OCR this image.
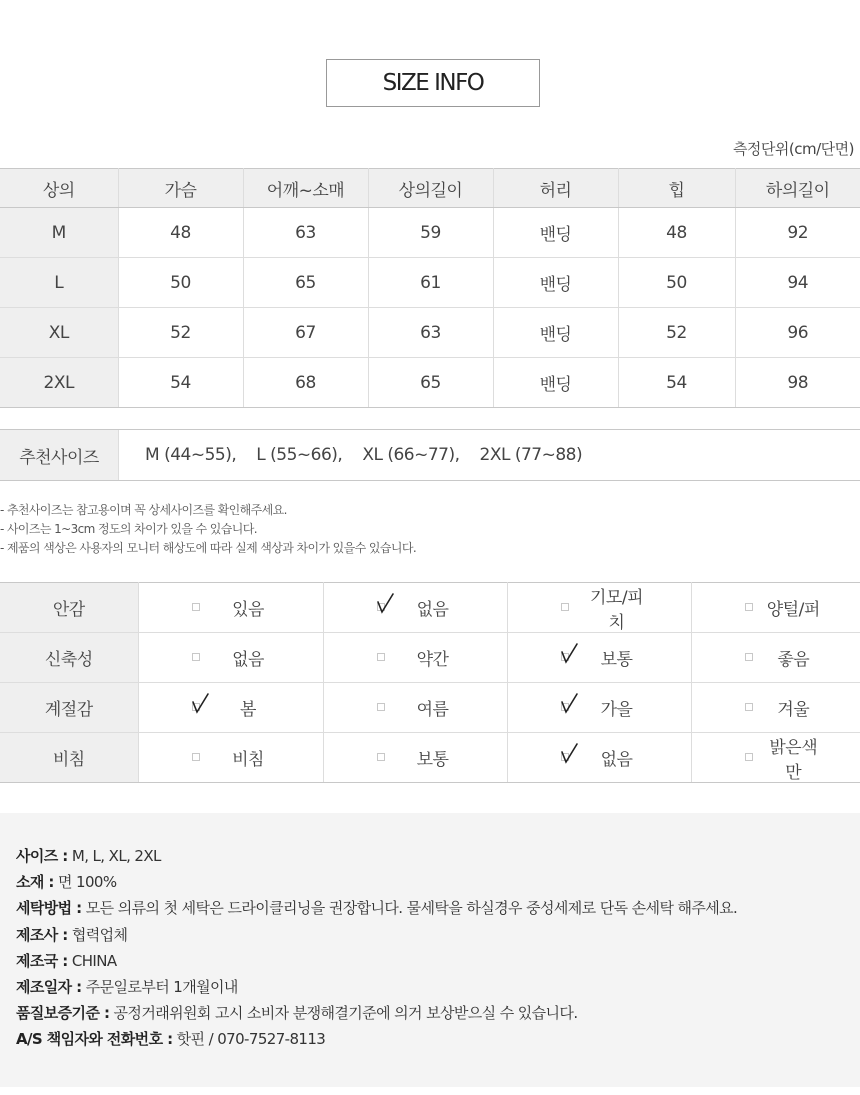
SIZE INFO
측정단위(cm/단면)
상의	가슴	어깨~소매	상의길이	허리	힙	하의길이
M	48	63	59	밴딩	48	92
L	50	65	61	밴딩	50	94
XL	52	67	63	밴딩	52	96
2XL	54	68	65	밴딩	54	98
추천사이즈	M (44~55), L (55~66), XL (66~77), 2XL (77~88)
- 추천사이즈는 참고용이며 꼭 상세사이즈를 확인해주세요.
- 사이즈는 1~3cm 정도의 차이가 있을 수 있습니다.
- 제품의 색상은 사용자의 모니터 해상도에 따라 실제 색상과 차이가 있을수 있습니다.
안감	있음	없음	기모/피치	양털/퍼

신축성	없음	약간	보통	좋음

계절감	봄	여름	가을	겨울

비침	비침	보통	없음	밝은색만
사이즈 : M, L, XL, 2XL
소재 : 면 100%
세탁방법 : 모든 의류의 첫 세탁은 드라이클리닝을 권장합니다. 물세탁을 하실경우 중성세제로 단독 손세탁 해주세요.
제조사 : 협력업체
제조국 : CHINA
제조일자 : 주문일로부터 1개월이내
품질보증기준 : 공정거래위원회 고시 소비자 분쟁해결기준에 의거 보상받으실 수 있습니다.
A/S 책임자와 전화번호 : 핫핀 / 070-7527-8113
